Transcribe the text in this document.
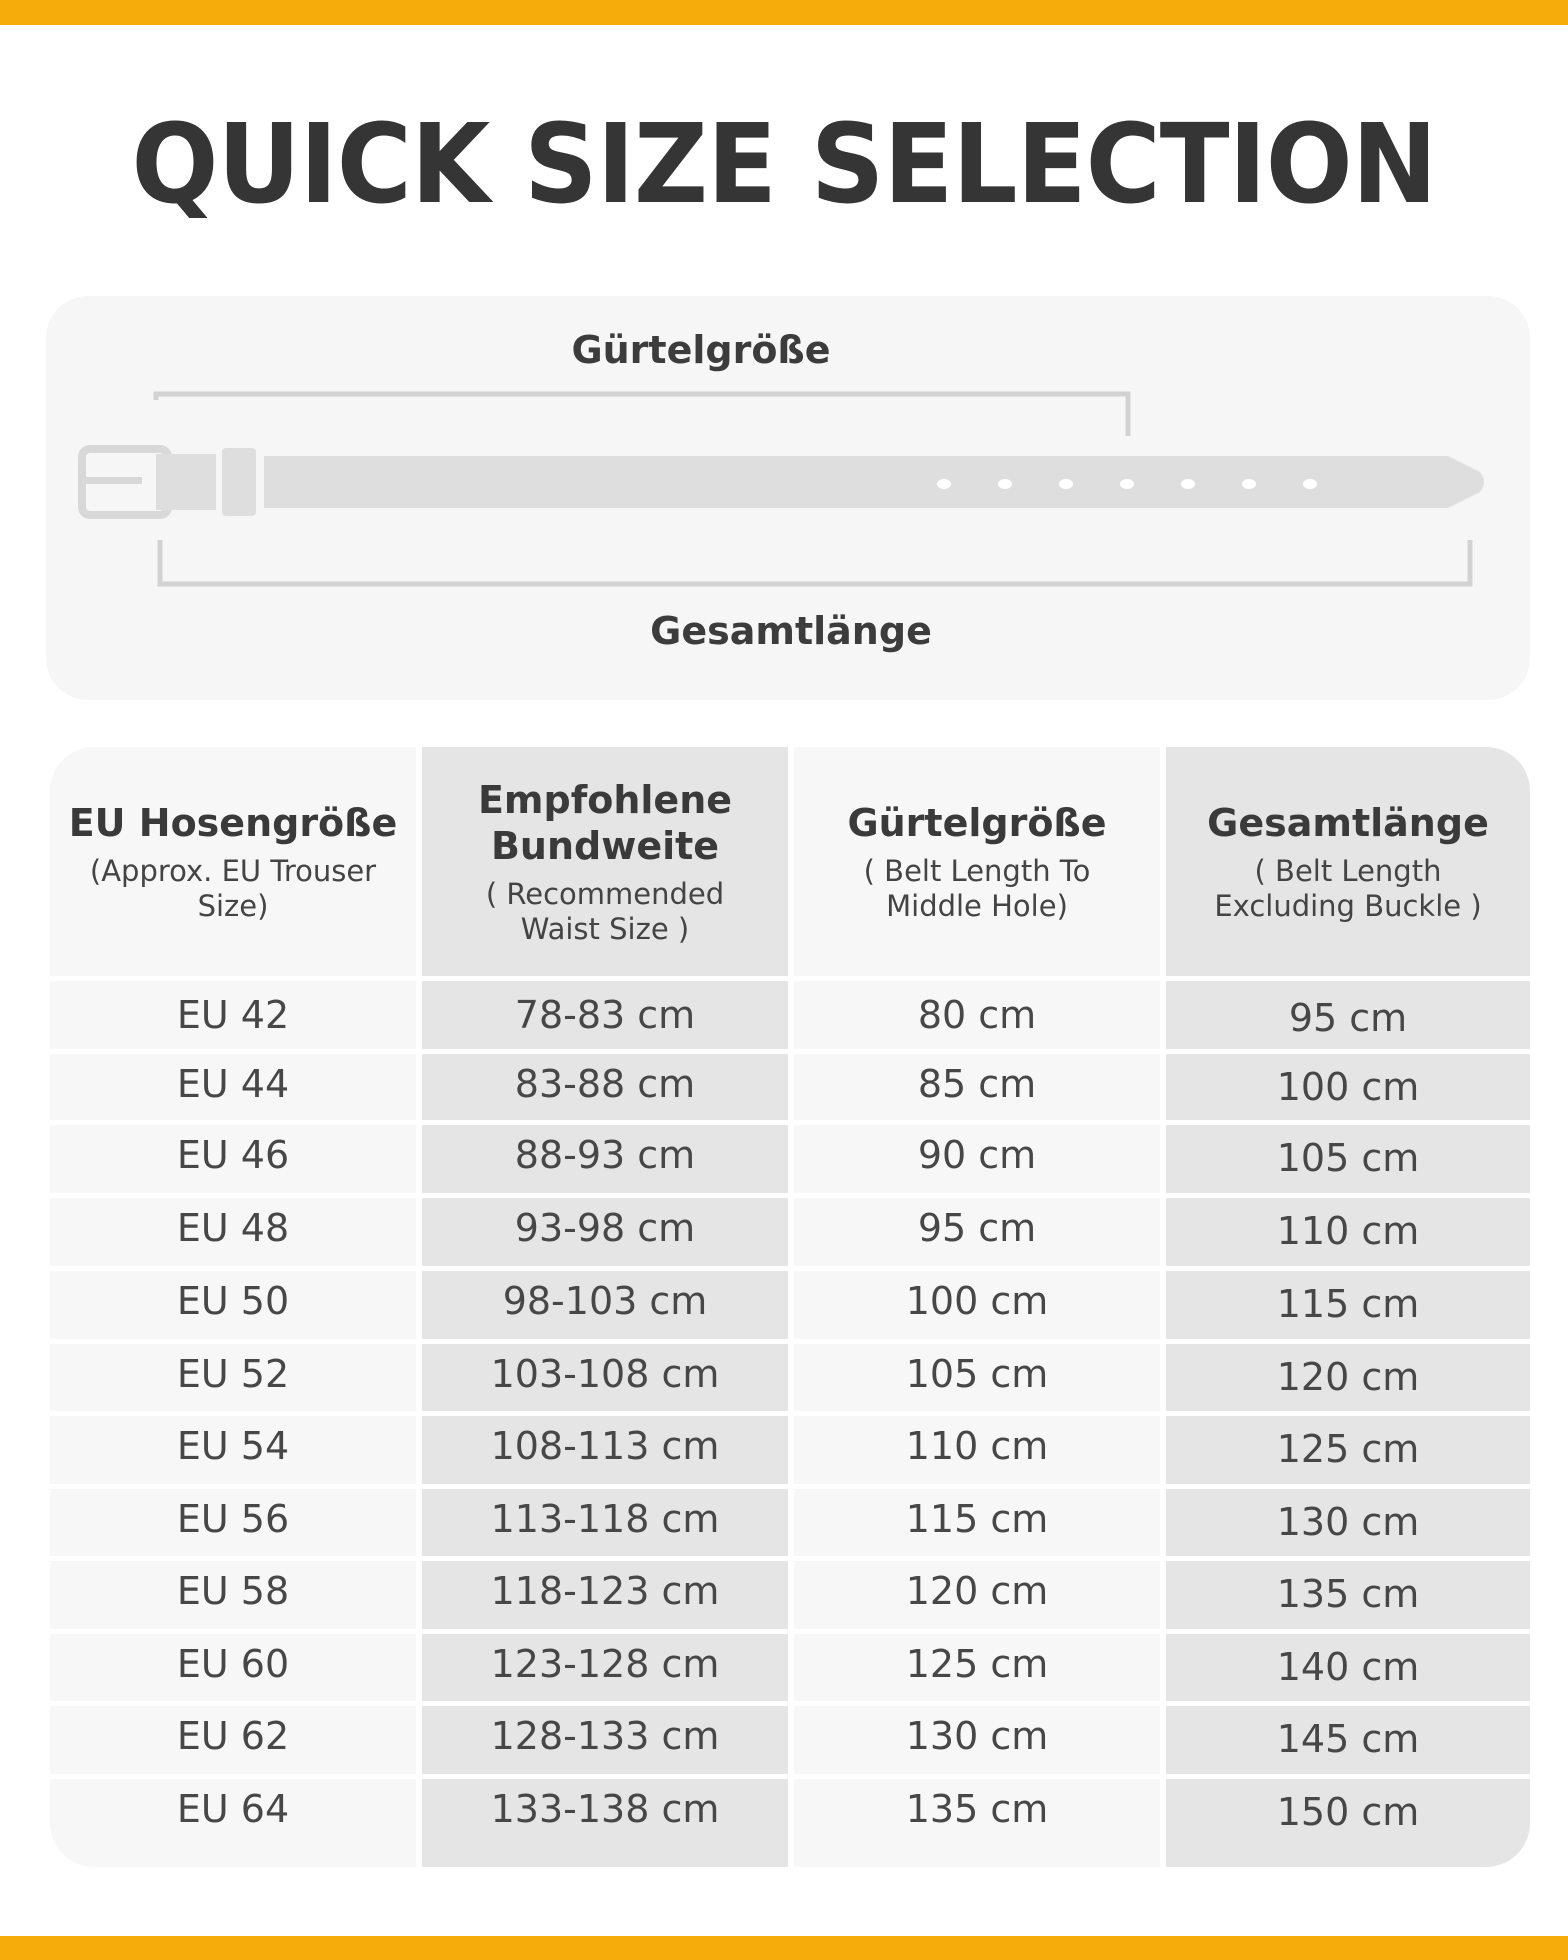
QUICK SIZE SELECTION
Gürtelgröße
Gesamtlänge
EU Hosengröße
(Approx. EU Trouser Size)
EU 42
EU 44
EU 46
EU 48
EU 50
EU 52
EU 54
EU 56
EU 58
EU 60
EU 62
EU 64
Empfohlene Bundweite
( Recommended Waist Size )
78-83 cm
83-88 cm
88-93 cm
93-98 cm
98-103 cm
103-108 cm
108-113 cm
113-118 cm
118-123 cm
123-128 cm
128-133 cm
133-138 cm
Gürtelgröße
( Belt Length To Middle Hole)
80 cm
85 cm
90 cm
95 cm
100 cm
105 cm
110 cm
115 cm
120 cm
125 cm
130 cm
135 cm
Gesamtlänge
( Belt Length Excluding Buckle )
95 cm
100 cm
105 cm
110 cm
115 cm
120 cm
125 cm
130 cm
135 cm
140 cm
145 cm
150 cm
